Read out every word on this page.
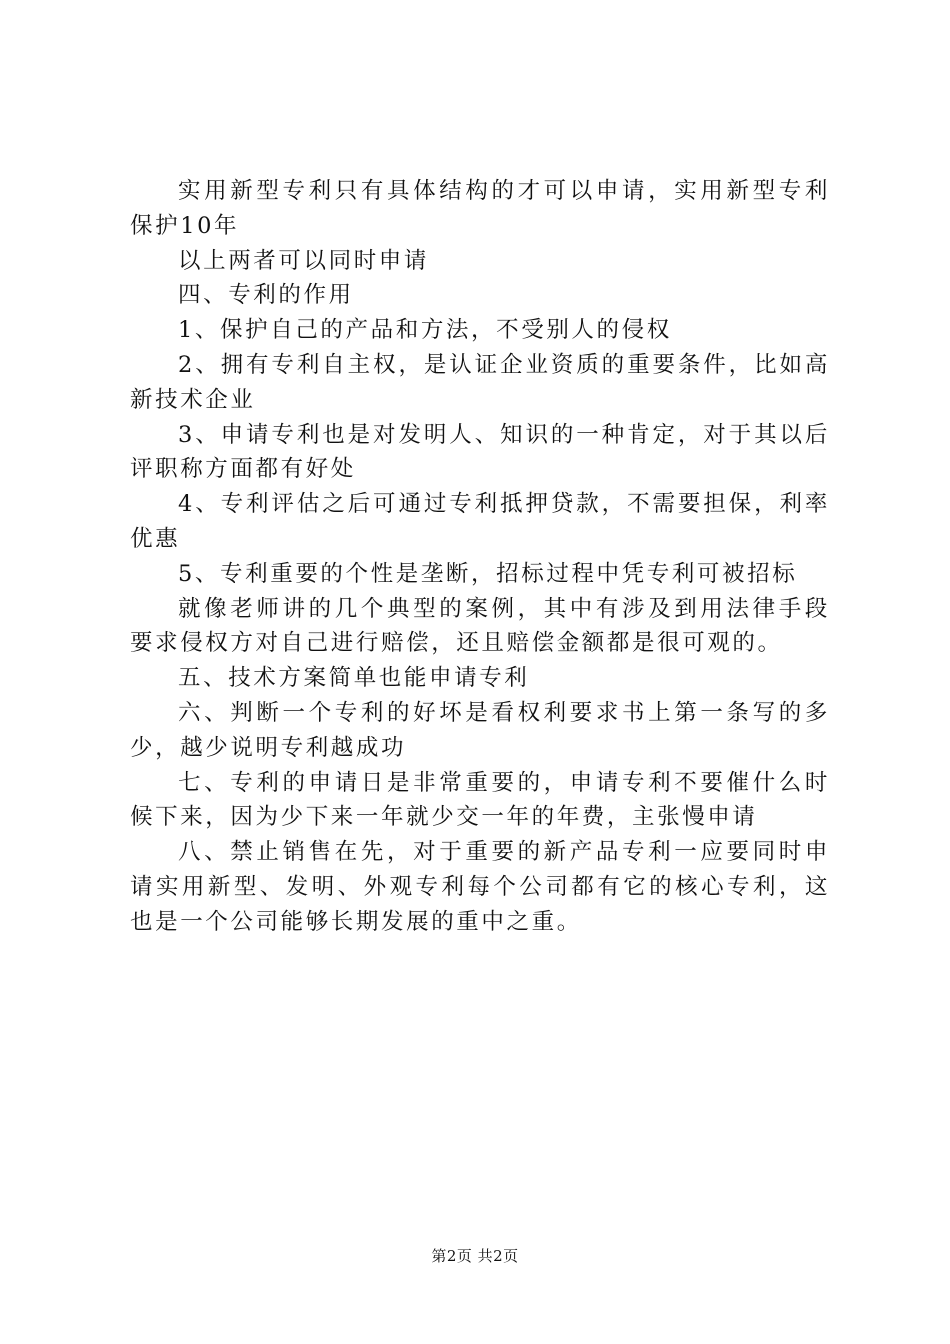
实用新型专利只有具体结构的才可以申请，实用新型专利保护10年

以上两者可以同时申请

四、专利的作用

1、保护自己的产品和方法，不受别人的侵权

2、拥有专利自主权，是认证企业资质的重要条件，比如高新技术企业

3、申请专利也是对发明人、知识的一种肯定，对于其以后评职称方面都有好处

4、专利评估之后可通过专利抵押贷款，不需要担保，利率优惠

5、专利重要的个性是垄断，招标过程中凭专利可被招标

就像老师讲的几个典型的案例，其中有涉及到用法律手段要求侵权方对自己进行赔偿，还且赔偿金额都是很可观的。

五、技术方案简单也能申请专利

六、判断一个专利的好坏是看权利要求书上第一条写的多少，越少说明专利越成功

七、专利的申请日是非常重要的，申请专利不要催什么时候下来，因为少下来一年就少交一年的年费，主张慢申请

八、禁止销售在先，对于重要的新产品专利一应要同时申请实用新型、发明、外观专利每个公司都有它的核心专利，这也是一个公司能够长期发展的重中之重。

第2页 共2页
